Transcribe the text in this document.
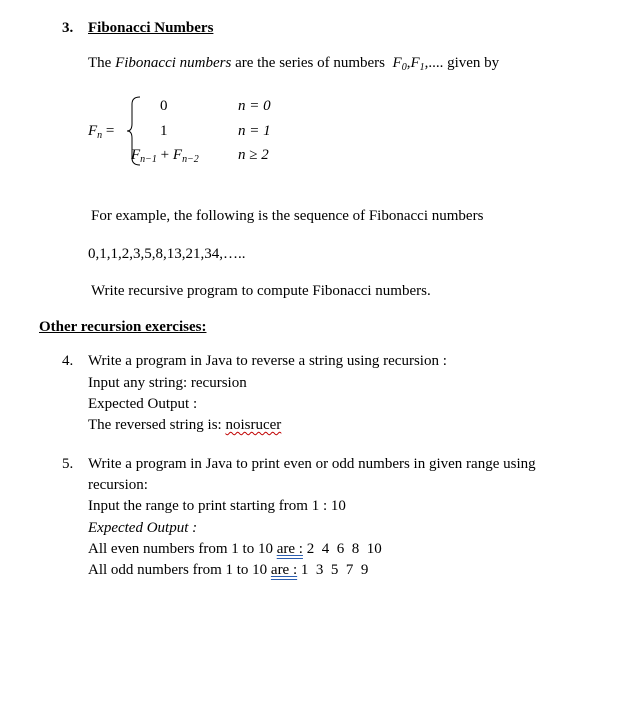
3. Fibonacci Numbers
The Fibonacci numbers are the series of numbers  $F_0,F_1$,.... given by
$F_n$ =
0	n = 0
1	n = 1
$F_{n-1} + F_{n-2}$	n ≥ 2
For example, the following is the sequence of Fibonacci numbers
0,1,1,2,3,5,8,13,21,34,…..
Write recursive program to compute Fibonacci numbers.
Other recursion exercises:
4. Write a program in Java to reverse a string using recursion :
Input any string: recursion
Expected Output :
The reversed string is: noisrucer
5. Write a program in Java to print even or odd numbers in given range using
recursion:
Input the range to print starting from 1 : 10
Expected Output :
All even numbers from 1 to 10 are : 2  4  6  8  10
All odd numbers from 1 to 10 are : 1  3  5  7  9
